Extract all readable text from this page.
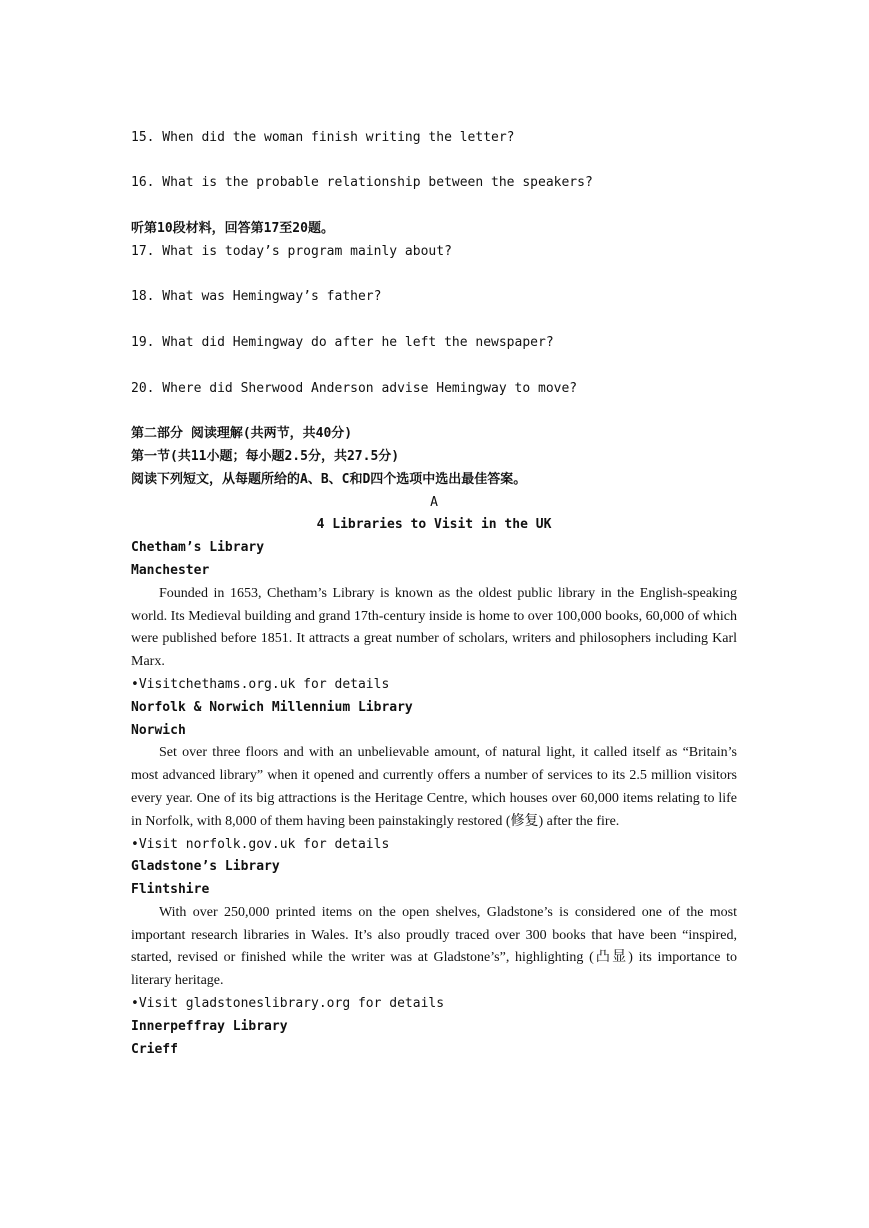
15. When did the woman finish writing the letter?

16. What is the probable relationship between the speakers?

听第10段材料，回答第17至20题。
17. What is today’s program mainly about?

18. What was Hemingway’s father?

19. What did Hemingway do after he left the newspaper?

20. Where did Sherwood Anderson advise Hemingway to move?

第二部分 阅读理解(共两节，共40分)
第一节(共11小题；每小题2.5分，共27.5分)
阅读下列短文，从每题所给的A、B、C和D四个选项中选出最佳答案。
A
4 Libraries to Visit in the UK
Chetham’s Library
Manchester
Founded in 1653, Chetham’s Library is known as the oldest public library in the English-speaking world. Its Medieval building and grand 17th-century inside is home to over 100,000 books, 60,000 of which were published before 1851. It attracts a great number of scholars, writers and philosophers including Karl Marx.
•Visitchethams.org.uk for details
Norfolk & Norwich Millennium Library
Norwich
Set over three floors and with an unbelievable amount, of natural light, it called itself as “Britain’s most advanced library” when it opened and currently offers a number of services to its 2.5 million visitors every year. One of its big attractions is the Heritage Centre, which houses over 60,000 items relating to life in Norfolk, with 8,000 of them having been painstakingly restored (修复) after the fire.
•Visit norfolk.gov.uk for details
Gladstone’s Library
Flintshire
With over 250,000 printed items on the open shelves, Gladstone’s is considered one of the most important research libraries in Wales. It’s also proudly traced over 300 books that have been “inspired, started, revised or finished while the writer was at Gladstone’s”, highlighting (凸显) its importance to literary heritage.
•Visit gladstoneslibrary.org for details
Innerpeffray Library
Crieff
